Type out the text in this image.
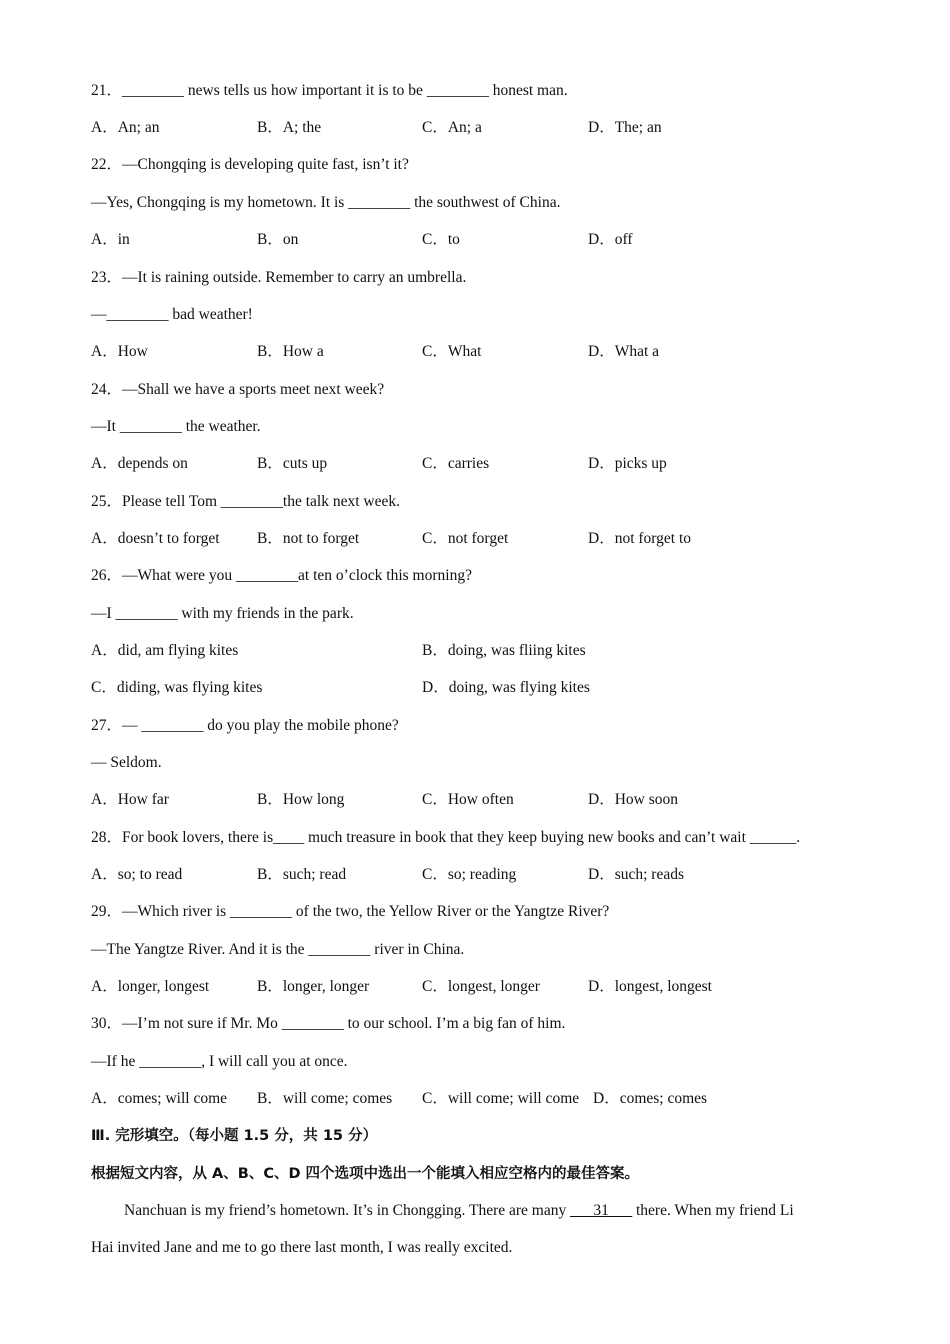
21．________ news tells us how important it is to be ________ honest man.
A．An; an	B．A; the	C．An; a	D．The; an
22．—Chongqing is developing quite fast, isn’t it?
—Yes, Chongqing is my hometown. It is ________ the southwest of China.
A．in	B．on	C．to	D．off
23．—It is raining outside. Remember to carry an umbrella.
—________ bad weather!
A．How	B．How a	C．What	D．What a
24．—Shall we have a sports meet next week?
—It ________ the weather.
A．depends on	B．cuts up	C．carries	D．picks up
25．Please tell Tom ________the talk next week.
A．doesn’t to forget B．not to forget	C．not forget	D．not forget to
26．—What were you ________at ten o’clock this morning?
—I ________ with my friends in the park.
A．did, am flying kites	B．doing, was fliing kites
C．diding, was flying kites	D．doing, was flying kites
27．— ________ do you play the mobile phone?
— Seldom.
A．How far	B．How long	C．How often	D．How soon
28．For book lovers, there is____ much treasure in book that they keep buying new books and can’t wait ______.
A．so; to read	B．such; read	C．so; reading	D．such; reads
29．—Which river is ________ of the two, the Yellow River or the Yangtze River?
—The Yangtze River. And it is the ________ river in China.
A．longer, longest	B．longer, longer	C．longest, longer	D．longest, longest
30．—I’m not sure if Mr. Mo ________ to our school. I’m a big fan of him.
—If he ________, I will call you at once.
A．comes; will come B．will come; comes C．will come; will come D．comes; comes
Ⅲ. 完形填空。（每小题 1.5 分，共 15 分）
根据短文内容，从 A、B、C、D 四个选项中选出一个能填入相应空格内的最佳答案。
Nanchuan is my friend’s hometown. It’s in Chongging. There are many ___31___ there. When my friend Li
Hai invited Jane and me to go there last month, I was really excited.
